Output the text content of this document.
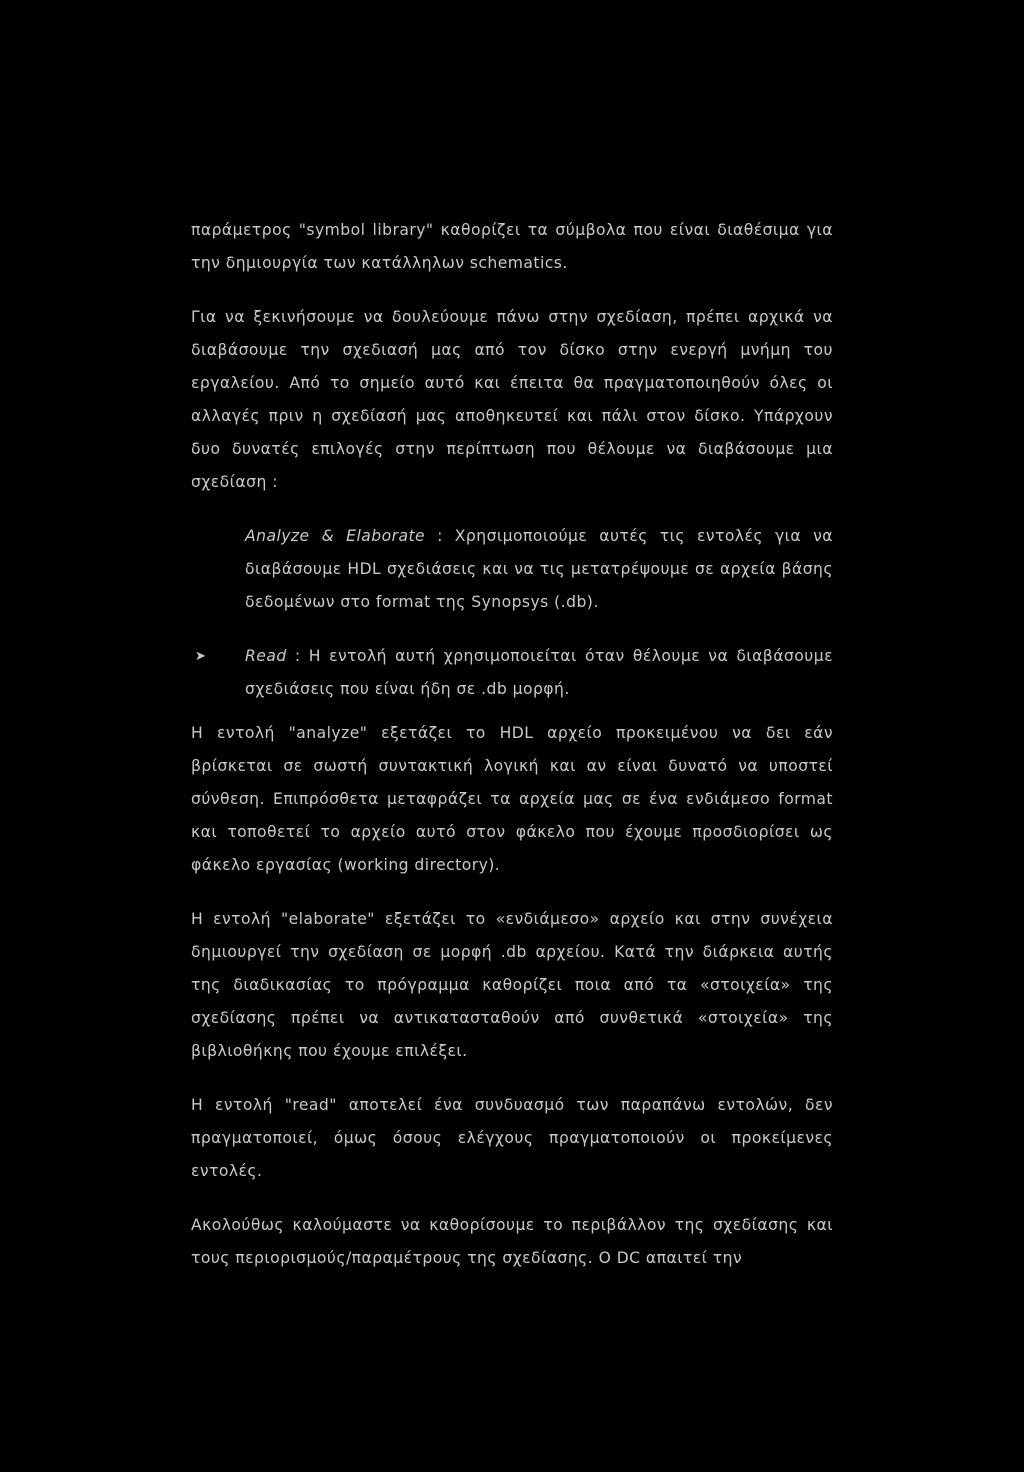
παράμετρος "symbol library" καθορίζει τα σύμβολα που είναι διαθέσιμα για την δημιουργία των κατάλληλων schematics.

Για να ξεκινήσουμε να δουλεύουμε πάνω στην σχεδίαση, πρέπει αρχικά να διαβάσουμε την σχεδιασή μας από τον δίσκο στην ενεργή μνήμη του εργαλείου. Από το σημείο αυτό και έπειτα θα πραγματοποιηθούν όλες οι αλλαγές πριν η σχεδίασή μας αποθηκευτεί και πάλι στον δίσκο. Υπάρχουν δυο δυνατές επιλογές στην περίπτωση που θέλουμε να διαβάσουμε μια σχεδίαση :

Analyze & Elaborate : Χρησιμοποιούμε αυτές τις εντολές για να διαβάσουμε HDL σχεδιάσεις και να τις μετατρέψουμε σε αρχεία βάσης δεδομένων στο format της Synopsys (.db).

➤ Read : Η εντολή αυτή χρησιμοποιείται όταν θέλουμε να διαβάσουμε σχεδιάσεις που είναι ήδη σε .db μορφή.

Η εντολή "analyze" εξετάζει το HDL αρχείο προκειμένου να δει εάν βρίσκεται σε σωστή συντακτική λογική και αν είναι δυνατό να υποστεί σύνθεση. Επιπρόσθετα μεταφράζει τα αρχεία μας σε ένα ενδιάμεσο format και τοποθετεί το αρχείο αυτό στον φάκελο που έχουμε προσδιορίσει ως φάκελο εργασίας (working directory).

Η εντολή "elaborate" εξετάζει το «ενδιάμεσο» αρχείο και στην συνέχεια δημιουργεί την σχεδίαση σε μορφή .db αρχείου. Κατά την διάρκεια αυτής της διαδικασίας το πρόγραμμα καθορίζει ποια από τα «στοιχεία» της σχεδίασης πρέπει να αντικατασταθούν από συνθετικά «στοιχεία» της βιβλιοθήκης που έχουμε επιλέξει.

Η εντολή "read" αποτελεί ένα συνδυασμό των παραπάνω εντολών, δεν πραγματοποιεί, όμως όσους ελέγχους πραγματοποιούν οι προκείμενες εντολές.

Ακολούθως καλούμαστε να καθορίσουμε το περιβάλλον της σχεδίασης και τους περιορισμούς/παραμέτρους της σχεδίασης. Ο DC απαιτεί την
